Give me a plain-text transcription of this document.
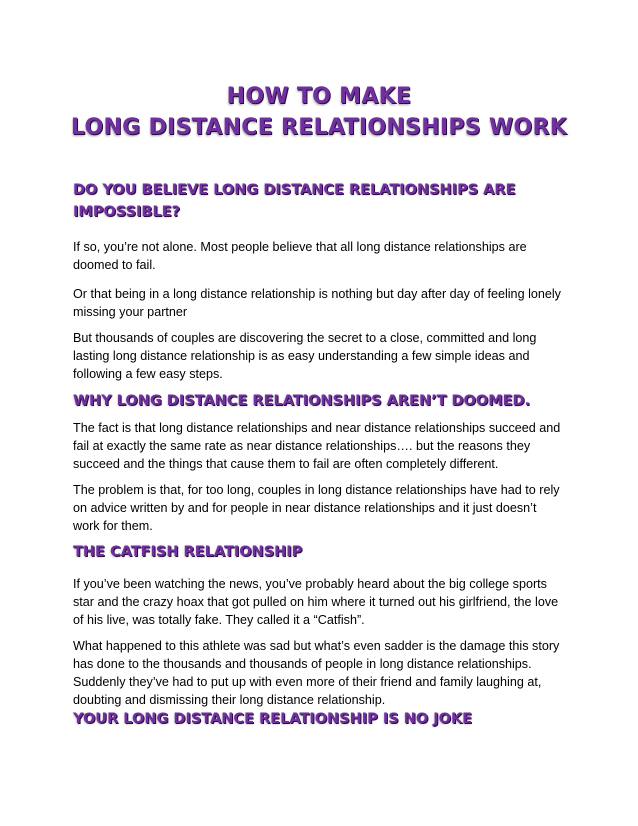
HOW TO MAKE
LONG DISTANCE RELATIONSHIPS WORK
DO YOU BELIEVE LONG DISTANCE RELATIONSHIPS ARE
IMPOSSIBLE?

If so, you’re not alone. Most people believe that all long distance relationships are
doomed to fail.

Or that being in a long distance relationship is nothing but day after day of feeling lonely
missing your partner

But thousands of couples are discovering the secret to a close, committed and long
lasting long distance relationship is as easy understanding a few simple ideas and
following a few easy steps.

WHY LONG DISTANCE RELATIONSHIPS AREN’T DOOMED.

The fact is that long distance relationships and near distance relationships succeed and
fail at exactly the same rate as near distance relationships…. but the reasons they
succeed and the things that cause them to fail are often completely different.

The problem is that, for too long, couples in long distance relationships have had to rely
on advice written by and for people in near distance relationships and it just doesn’t
work for them.

THE CATFISH RELATIONSHIP

If you’ve been watching the news, you’ve probably heard about the big college sports
star and the crazy hoax that got pulled on him where it turned out his girlfriend, the love
of his live, was totally fake. They called it a “Catfish”.

What happened to this athlete was sad but what’s even sadder is the damage this story
has done to the thousands and thousands of people in long distance relationships.
Suddenly they’ve had to put up with even more of their friend and family laughing at,
doubting and dismissing their long distance relationship.

YOUR LONG DISTANCE RELATIONSHIP IS NO JOKE
